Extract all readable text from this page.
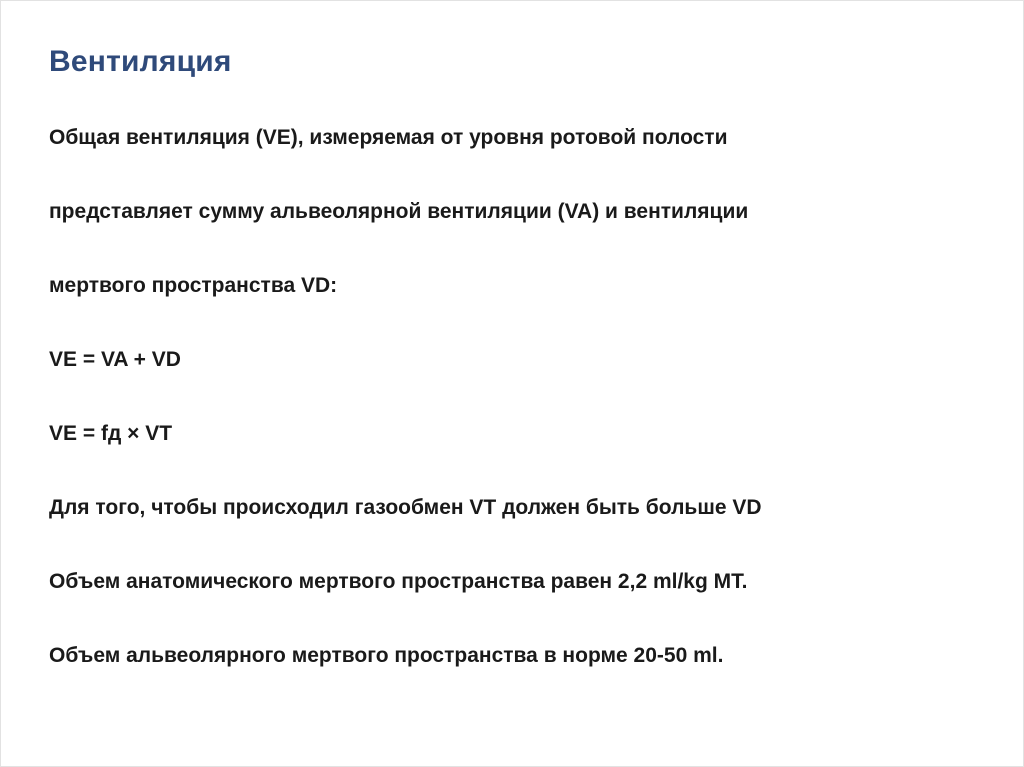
Вентиляция

Общая вентиляция (VE), измеряемая от уровня ротовой полости

представляет сумму альвеолярной вентиляции (VA) и вентиляции

мертвого пространства VD:

VE = VA + VD

VE = fд × VT

Для того, чтобы происходил газообмен VT должен быть больше VD

Объем анатомического мертвого пространства равен 2,2 ml/kg MT.

Объем альвеолярного мертвого пространства в норме 20-50 ml.
